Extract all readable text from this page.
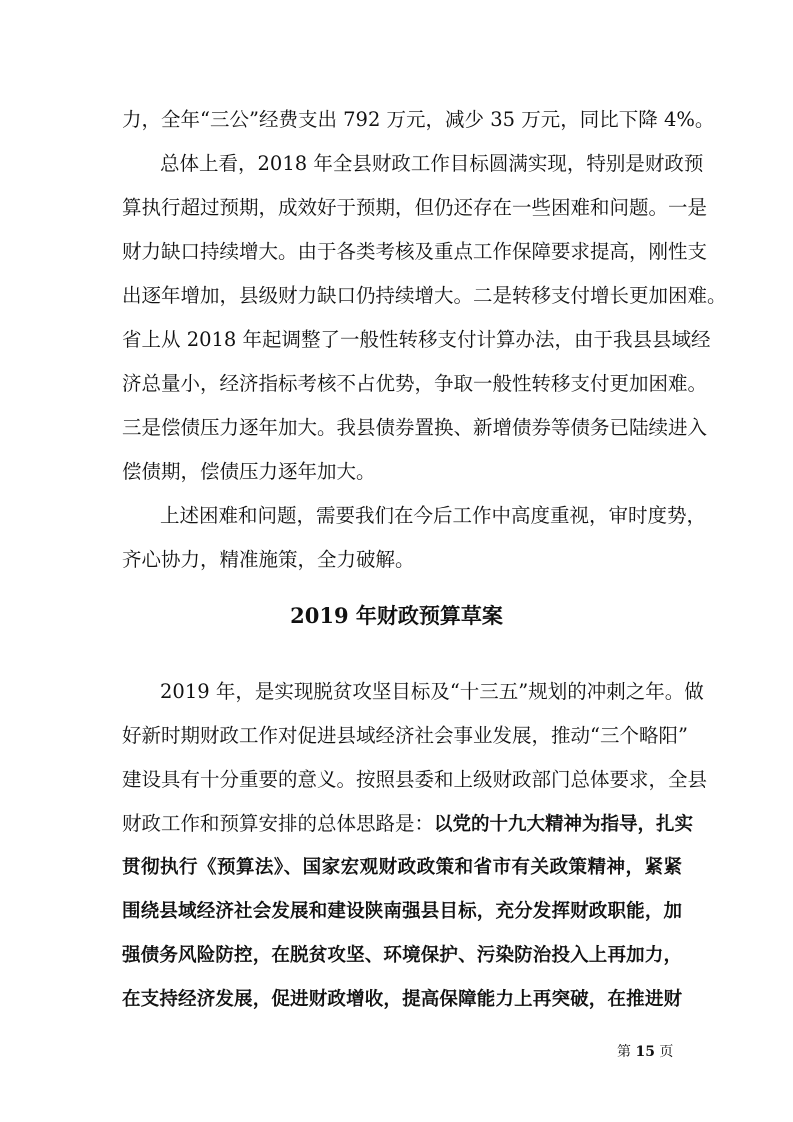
力，全年“三公”经费支出 792 万元，减少 35 万元，同比下降 4%。
总体上看，2018 年全县财政工作目标圆满实现，特别是财政预
算执行超过预期，成效好于预期，但仍还存在一些困难和问题。一是
财力缺口持续增大。由于各类考核及重点工作保障要求提高，刚性支
出逐年增加，县级财力缺口仍持续增大。二是转移支付增长更加困难。
省上从 2018 年起调整了一般性转移支付计算办法，由于我县县域经
济总量小，经济指标考核不占优势，争取一般性转移支付更加困难。
三是偿债压力逐年加大。我县债券置换、新增债券等债务已陆续进入
偿债期，偿债压力逐年加大。
上述困难和问题，需要我们在今后工作中高度重视，审时度势，
齐心协力，精准施策，全力破解。
2019 年财政预算草案
2019 年，是实现脱贫攻坚目标及“十三五”规划的冲刺之年。做
好新时期财政工作对促进县域经济社会事业发展，推动“三个略阳”
建设具有十分重要的意义。按照县委和上级财政部门总体要求，全县
财政工作和预算安排的总体思路是：以党的十九大精神为指导，扎实
贯彻执行《预算法》、国家宏观财政政策和省市有关政策精神，紧紧
围绕县域经济社会发展和建设陕南强县目标，充分发挥财政职能，加
强债务风险防控，在脱贫攻坚、环境保护、污染防治投入上再加力，
在支持经济发展，促进财政增收，提高保障能力上再突破，在推进财
第 15 页
